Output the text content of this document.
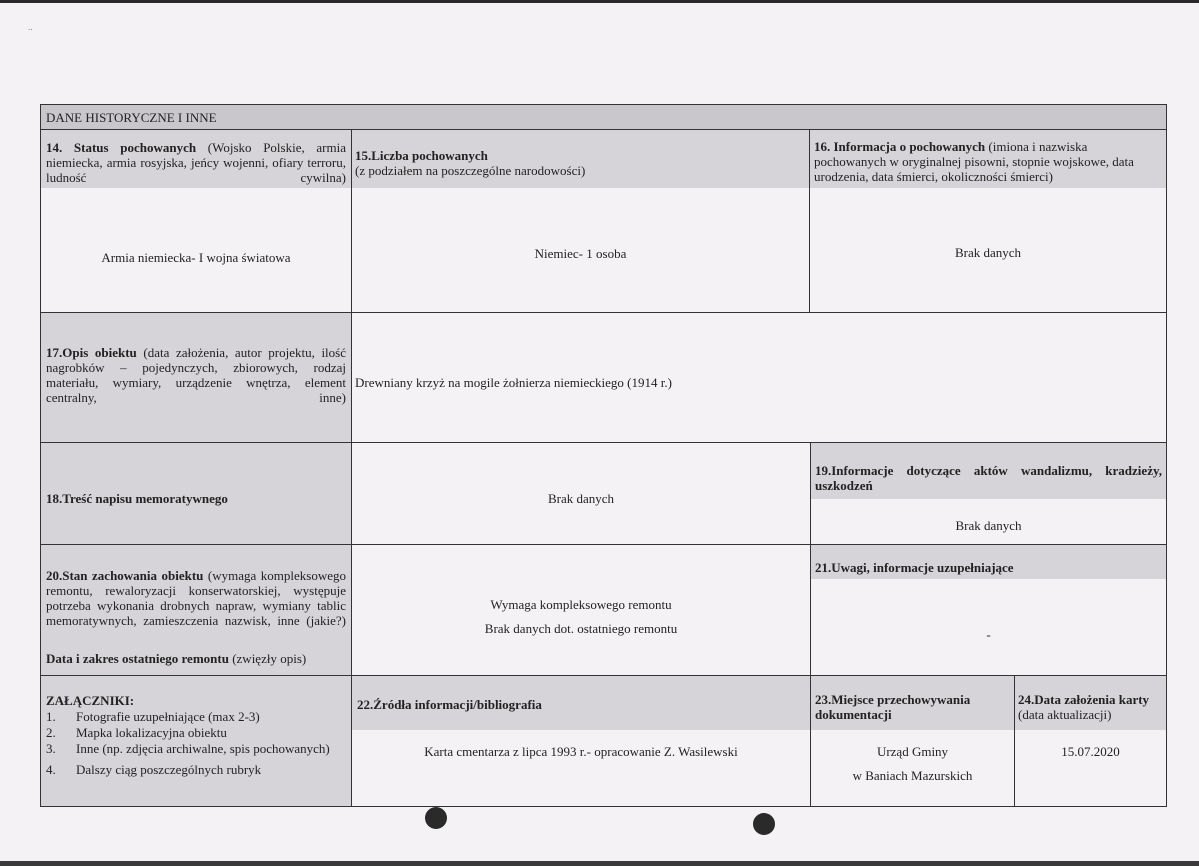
..
DANE HISTORYCZNE I INNE
14. Status pochowanych (Wojsko Polskie, armia niemiecka, armia rosyjska, jeńcy wojenni, ofiary terroru, ludność cywilna)
Armia niemiecka- I wojna światowa
15.Liczba pochowanych
(z podziałem na poszczególne narodowości)
Niemiec- 1 osoba
16. Informacja o pochowanych (imiona i nazwiska pochowanych w oryginalnej pisowni, stopnie wojskowe, data urodzenia, data śmierci, okoliczności śmierci)
Brak danych
17.Opis obiektu (data założenia, autor projektu, ilość nagrobków – pojedynczych, zbiorowych, rodzaj materiału, wymiary, urządzenie wnętrza, element centralny, inne)
Drewniany krzyż na mogile żołnierza niemieckiego (1914 r.)
18.Treść napisu memoratywnego	Brak danych
19.Informacje dotyczące aktów wandalizmu, kradzieży, uszkodzeń
Brak danych
20.Stan zachowania obiektu (wymaga kompleksowego remontu, rewaloryzacji konserwatorskiej, występuje potrzeba wykonania drobnych napraw, wymiany tablic memoratywnych, zamieszczenia nazwisk, inne (jakie?)
Data i zakres ostatniego remontu (zwięzły opis)
Wymaga kompleksowego remontu
Brak danych dot. ostatniego remontu
21.Uwagi, informacje uzupełniające
-
ZAŁĄCZNIKI:
1. Fotografie uzupełniające (max 2-3)
2. Mapka lokalizacyjna obiektu
3. Inne (np. zdjęcia archiwalne, spis pochowanych)
4. Dalszy ciąg poszczególnych rubryk
22.Źródła informacji/bibliografia
Karta cmentarza z lipca 1993 r.- opracowanie Z. Wasilewski
23.Miejsce przechowywania dokumentacji
Urząd Gminy
w Baniach Mazurskich
24.Data założenia karty (data aktualizacji)
15.07.2020
